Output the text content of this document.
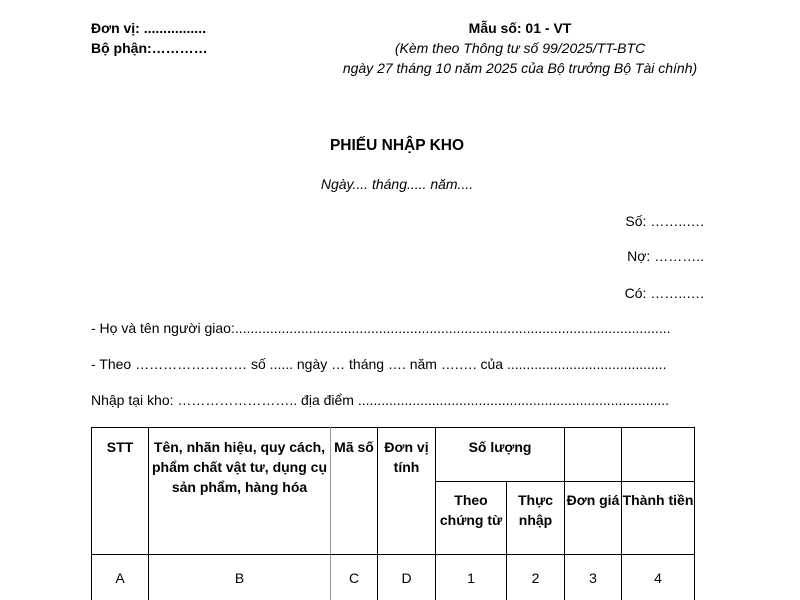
Đơn vị: ................
Bộ phận:…………
Mẫu số: 01 - VT
(Kèm theo Thông tư số 99/2025/TT-BTC
ngày 27 tháng 10 năm 2025 của Bộ trưởng Bộ Tài chính)
PHIẾU NHẬP KHO
Ngày.... tháng..... năm....
Số: ……..….
Nợ: ………..
Có: ……..….
- Họ và tên người giao:................................................................................................................
- Theo …………………… số ...... ngày … tháng …. năm ….…. của .........................................
Nhập tại kho: …………………….. địa điểm ................................................................................
STT	Tên, nhãn hiệu, quy cách, phẩm chất vật tư, dụng cụ sản phẩm, hàng hóa	Mã số	Đơn vị tính	Số lượng			
				Theo chứng từ	Thực nhập	Đơn giá	Thành tiền
A	B	C	D	1	2	3	4
